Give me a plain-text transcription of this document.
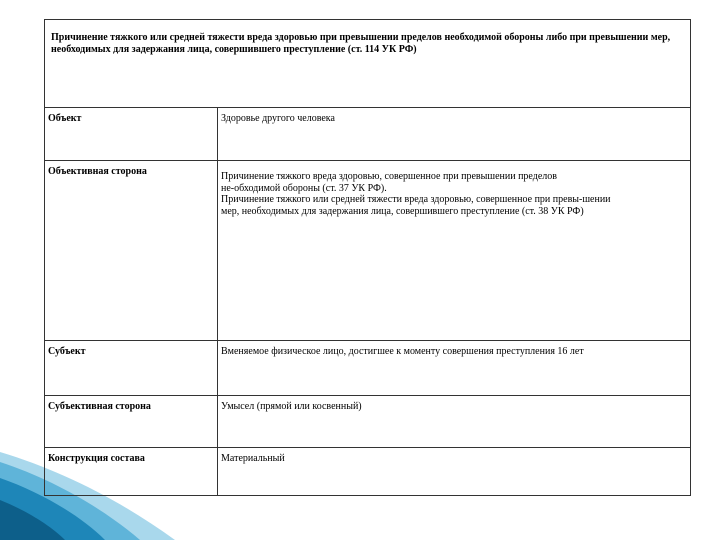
Причинение тяжкого или средней тяжести вреда здоровью при превышении пределов необходимой обороны либо при превышении мер, необходимых для задержания лица, совершившего преступление (ст. 114 УК РФ)	
Объект	Здоровье другого человека

Объективная сторона	Причинение тяжкого вреда здоровью, совершенное при превышении пределов
не-обходимой обороны (ст. 37 УК РФ).
Причинение тяжкого или средней тяжести вреда здоровью, совершенное при превы-шении
мер, необходимых для задержания лица, совершившего преступление (ст. 38 УК РФ)

Субъект	Вменяемое физическое лицо, достигшее к моменту совершения преступления 16 лет

Субъективная сторона	Умысел (прямой или косвенный)

Конструкция состава	Материальный
